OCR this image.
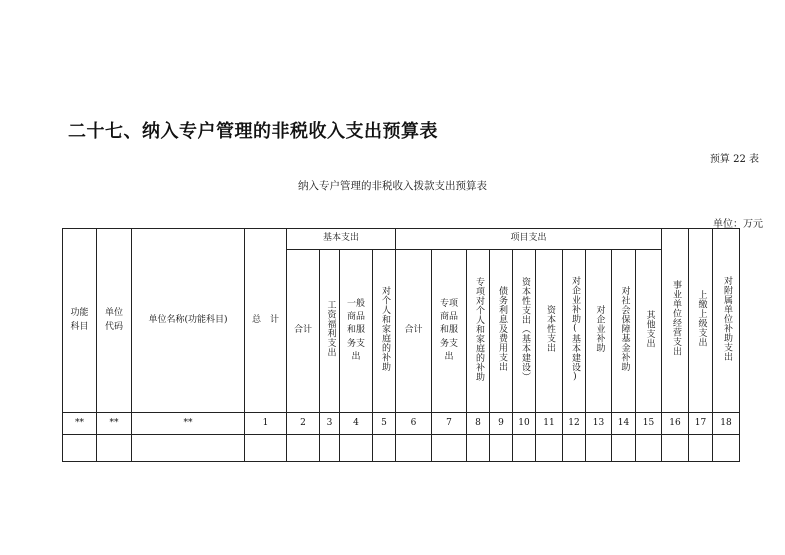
二十七、纳入专户管理的非税收入支出预算表
预算 22 表
纳入专户管理的非税收入拨款支出预算表
单位：万元
功能科目	单位代码	单位名称(功能科目)	总　计	基本支出				项目支出										事业单位经营支出	上缴上级支出	对附属单位补助支出
				合计	工资福利支出	一般商品和服务支出	对个人和家庭的补助	合计	专项商品和服务支出	专项对个人和家庭的补助	债务利息及费用支出	资本性支出（基本建设）	资本性支出	对企业补助(基本建设)	对企业补助	对社会保障基金补助	其他支出			
**	**	**	1	2	3	4	5	6	7	8	9	10	11	12	13	14	15	16	17	18
